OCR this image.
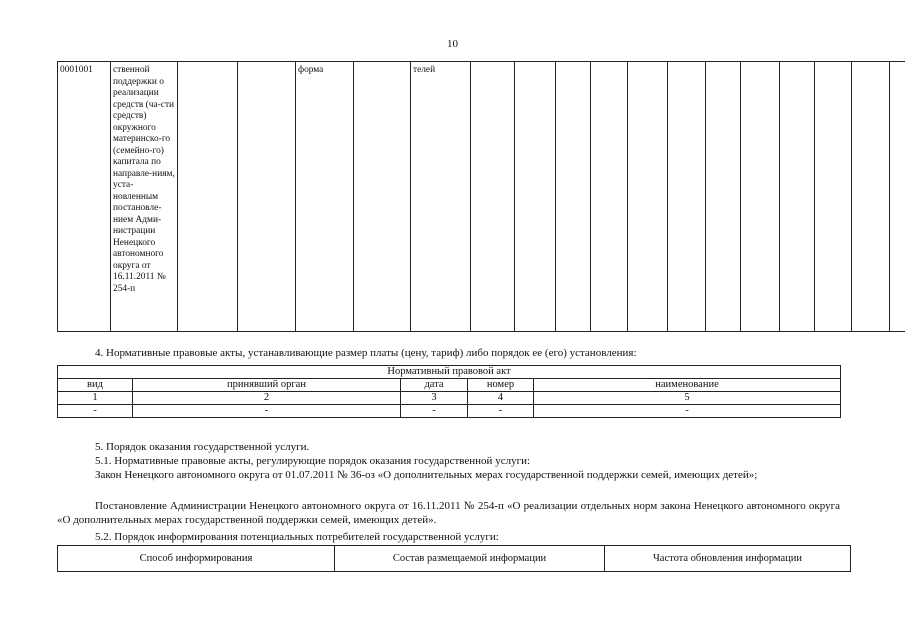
10
0001001	ственной поддержки о реализации средств (ча-сти средств) окружного материнско-го (семейно-го) капитала по направле-ниям, уста-новленным постановле-нием Адми-нистрации Ненецкого автономного округа от 16.11.2011 № 254-п			форма		телей												
4. Нормативные правовые акты, устанавливающие размер платы (цену, тариф) либо порядок ее (его) установления:
Нормативный правовой акт				
вид	принявший орган	дата	номер	наименование
1	2	3	4	5
-	-	-	-	-
5. Порядок оказания государственной услуги.
5.1. Нормативные правовые акты, регулирующие порядок оказания государственной услуги:
Закон Ненецкого автономного округа от 01.07.2011 № 36-оз «О дополнительных мерах государственной поддержки семей, имеющих детей»;
Постановление Администрации Ненецкого автономного округа от 16.11.2011 № 254-п «О реализации отдельных норм закона Ненецкого автономного округа «О дополнительных мерах государственной поддержки семей, имеющих детей».
5.2. Порядок информирования потенциальных потребителей государственной услуги:
Способ информирования	Состав размещаемой информации	Частота обновления информации
